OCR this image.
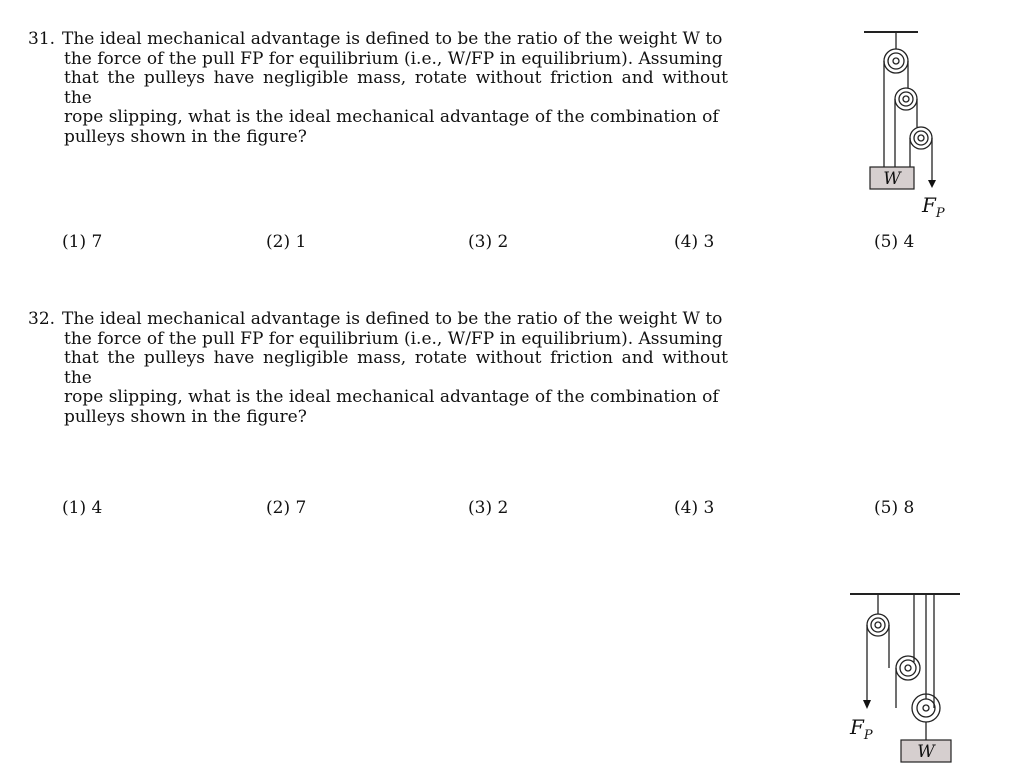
31. The ideal mechanical advantage is defined to be the ratio of the weight W to
the force of the pull FP for equilibrium (i.e., W/FP in equilibrium). Assuming
that the pulleys have negligible mass, rotate without friction and without the
rope slipping, what is the ideal mechanical advantage of the combination of
pulleys shown in the figure?
(1) 7	(2) 1	(3) 2	(4) 3	(5) 4
W
$F_P$
32. The ideal mechanical advantage is defined to be the ratio of the weight W to
the force of the pull FP for equilibrium (i.e., W/FP in equilibrium). Assuming
that the pulleys have negligible mass, rotate without friction and without the
rope slipping, what is the ideal mechanical advantage of the combination of
pulleys shown in the figure?
(1) 4	(2) 7	(3) 2	(4) 3	(5) 8
$F_P$
W
